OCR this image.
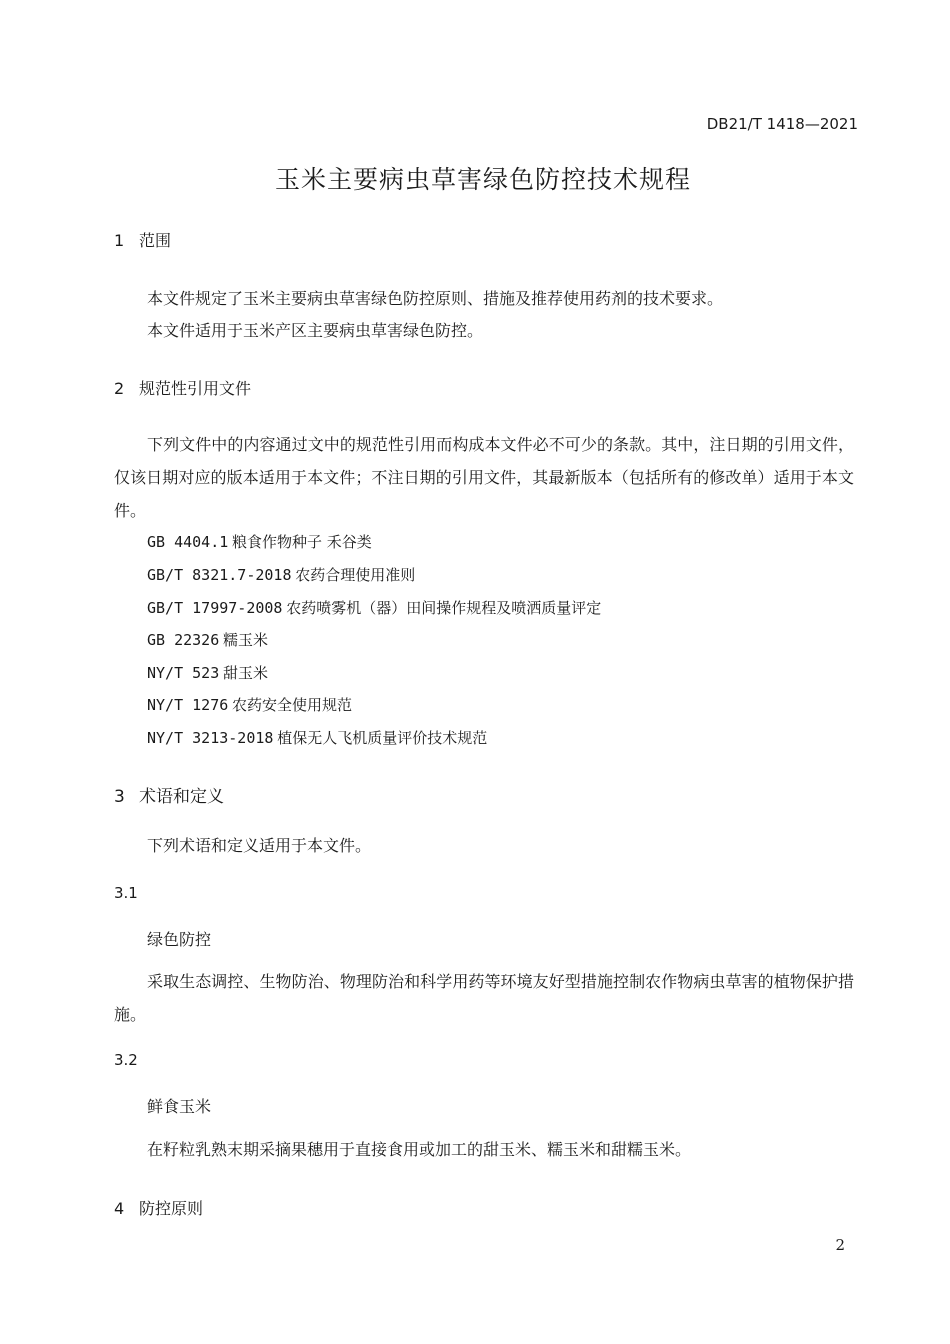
DB21/T 1418—2021
玉米主要病虫草害绿色防控技术规程
1 范围
本文件规定了玉米主要病虫草害绿色防控原则、措施及推荐使用药剂的技术要求。
本文件适用于玉米产区主要病虫草害绿色防控。
2 规范性引用文件
下列文件中的内容通过文中的规范性引用而构成本文件必不可少的条款。其中，注日期的引用文件，仅该日期对应的版本适用于本文件；不注日期的引用文件，其最新版本（包括所有的修改单）适用于本文件。
GB 4404.1 粮食作物种子 禾谷类
GB/T 8321.7-2018 农药合理使用准则
GB/T 17997-2008 农药喷雾机（器）田间操作规程及喷洒质量评定
GB 22326 糯玉米
NY/T 523 甜玉米
NY/T 1276 农药安全使用规范
NY/T 3213-2018 植保无人飞机质量评价技术规范
3 术语和定义
下列术语和定义适用于本文件。
3.1
绿色防控
采取生态调控、生物防治、物理防治和科学用药等环境友好型措施控制农作物病虫草害的植物保护措施。
3.2
鲜食玉米
在籽粒乳熟末期采摘果穗用于直接食用或加工的甜玉米、糯玉米和甜糯玉米。
4 防控原则
2
